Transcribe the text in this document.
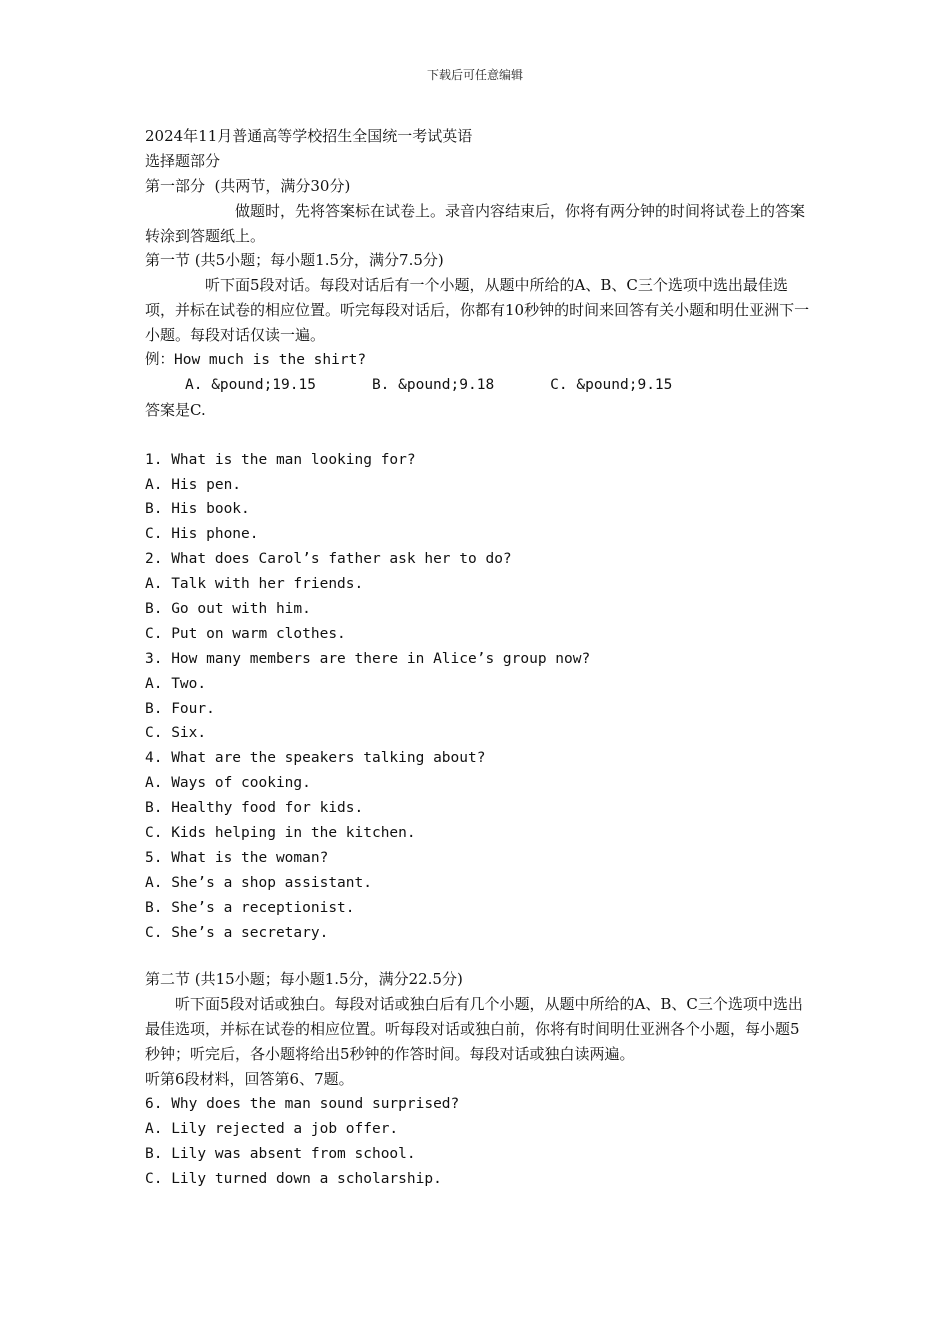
下载后可任意编辑
2024年11月普通高等学校招生全国统一考试英语
选择题部分
第一部分  (共两节，满分30分)
做题时，先将答案标在试卷上。录音内容结束后，你将有两分钟的时间将试卷上的答案转涂到答题纸上。
第一节 (共5小题；每小题1.5分，满分7.5分)
听下面5段对话。每段对话后有一个小题，从题中所给的A、B、C三个选项中选出最佳选项，并标在试卷的相应位置。听完每段对话后，你都有10秒钟的时间来回答有关小题和明仕亚洲下一小题。每段对话仅读一遍。
例：How much is the shirt?
A. &pound;19.15	B. &pound;9.18	C. &pound;9.15
答案是C.
1. What is the man looking for?
A. His pen.
B. His book.
C. His phone.
2. What does Carol’s father ask her to do?
A. Talk with her friends.
B. Go out with him.
C. Put on warm clothes.
3. How many members are there in Alice’s group now?
A. Two.
B. Four.
C. Six.
4. What are the speakers talking about?
A. Ways of cooking.
B. Healthy food for kids.
C. Kids helping in the kitchen.
5. What is the woman?
A. She’s a shop assistant.
B. She’s a receptionist.
C. She’s a secretary.
第二节 (共15小题；每小题1.5分，满分22.5分)
听下面5段对话或独白。每段对话或独白后有几个小题，从题中所给的A、B、C三个选项中选出最佳选项，并标在试卷的相应位置。听每段对话或独白前，你将有时间明仕亚洲各个小题，每小题5秒钟；听完后，各小题将给出5秒钟的作答时间。每段对话或独白读两遍。
听第6段材料，回答第6、7题。
6. Why does the man sound surprised?
A. Lily rejected a job offer.
B. Lily was absent from school.
C. Lily turned down a scholarship.
